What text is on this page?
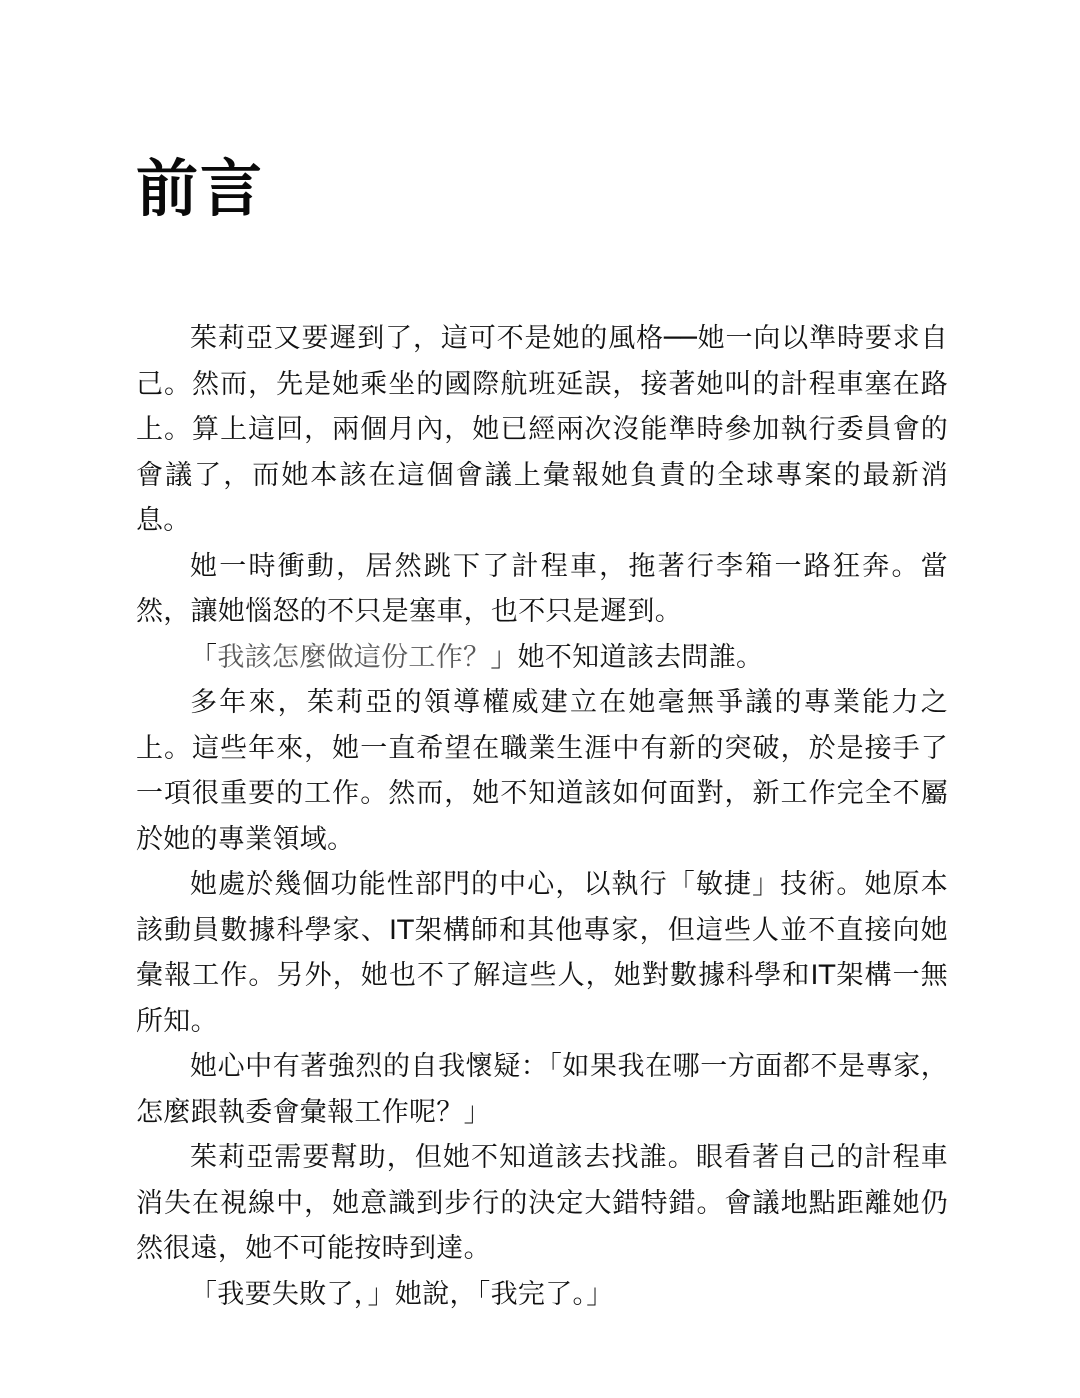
前言

茱莉亞又要遲到了，這可不是她的風格──她一向以準時要求自己。然而，先是她乘坐的國際航班延誤，接著她叫的計程車塞在路上。算上這回，兩個月內，她已經兩次沒能準時參加執行委員會的會議了，而她本該在這個會議上彙報她負責的全球專案的最新消息。

她一時衝動，居然跳下了計程車，拖著行李箱一路狂奔。當然，讓她惱怒的不只是塞車，也不只是遲到。

「我該怎麼做這份工作？」她不知道該去問誰。

多年來，茱莉亞的領導權威建立在她毫無爭議的專業能力之上。這些年來，她一直希望在職業生涯中有新的突破，於是接手了一項很重要的工作。然而，她不知道該如何面對，新工作完全不屬於她的專業領域。

她處於幾個功能性部門的中心，以執行「敏捷」技術。她原本該動員數據科學家、IT架構師和其他專家，但這些人並不直接向她彙報工作。另外，她也不了解這些人，她對數據科學和IT架構一無所知。

她心中有著強烈的自我懷疑：「如果我在哪一方面都不是專家，怎麼跟執委會彙報工作呢？」

茱莉亞需要幫助，但她不知道該去找誰。眼看著自己的計程車消失在視線中，她意識到步行的決定大錯特錯。會議地點距離她仍然很遠，她不可能按時到達。

「我要失敗了，」她說，「我完了。」
